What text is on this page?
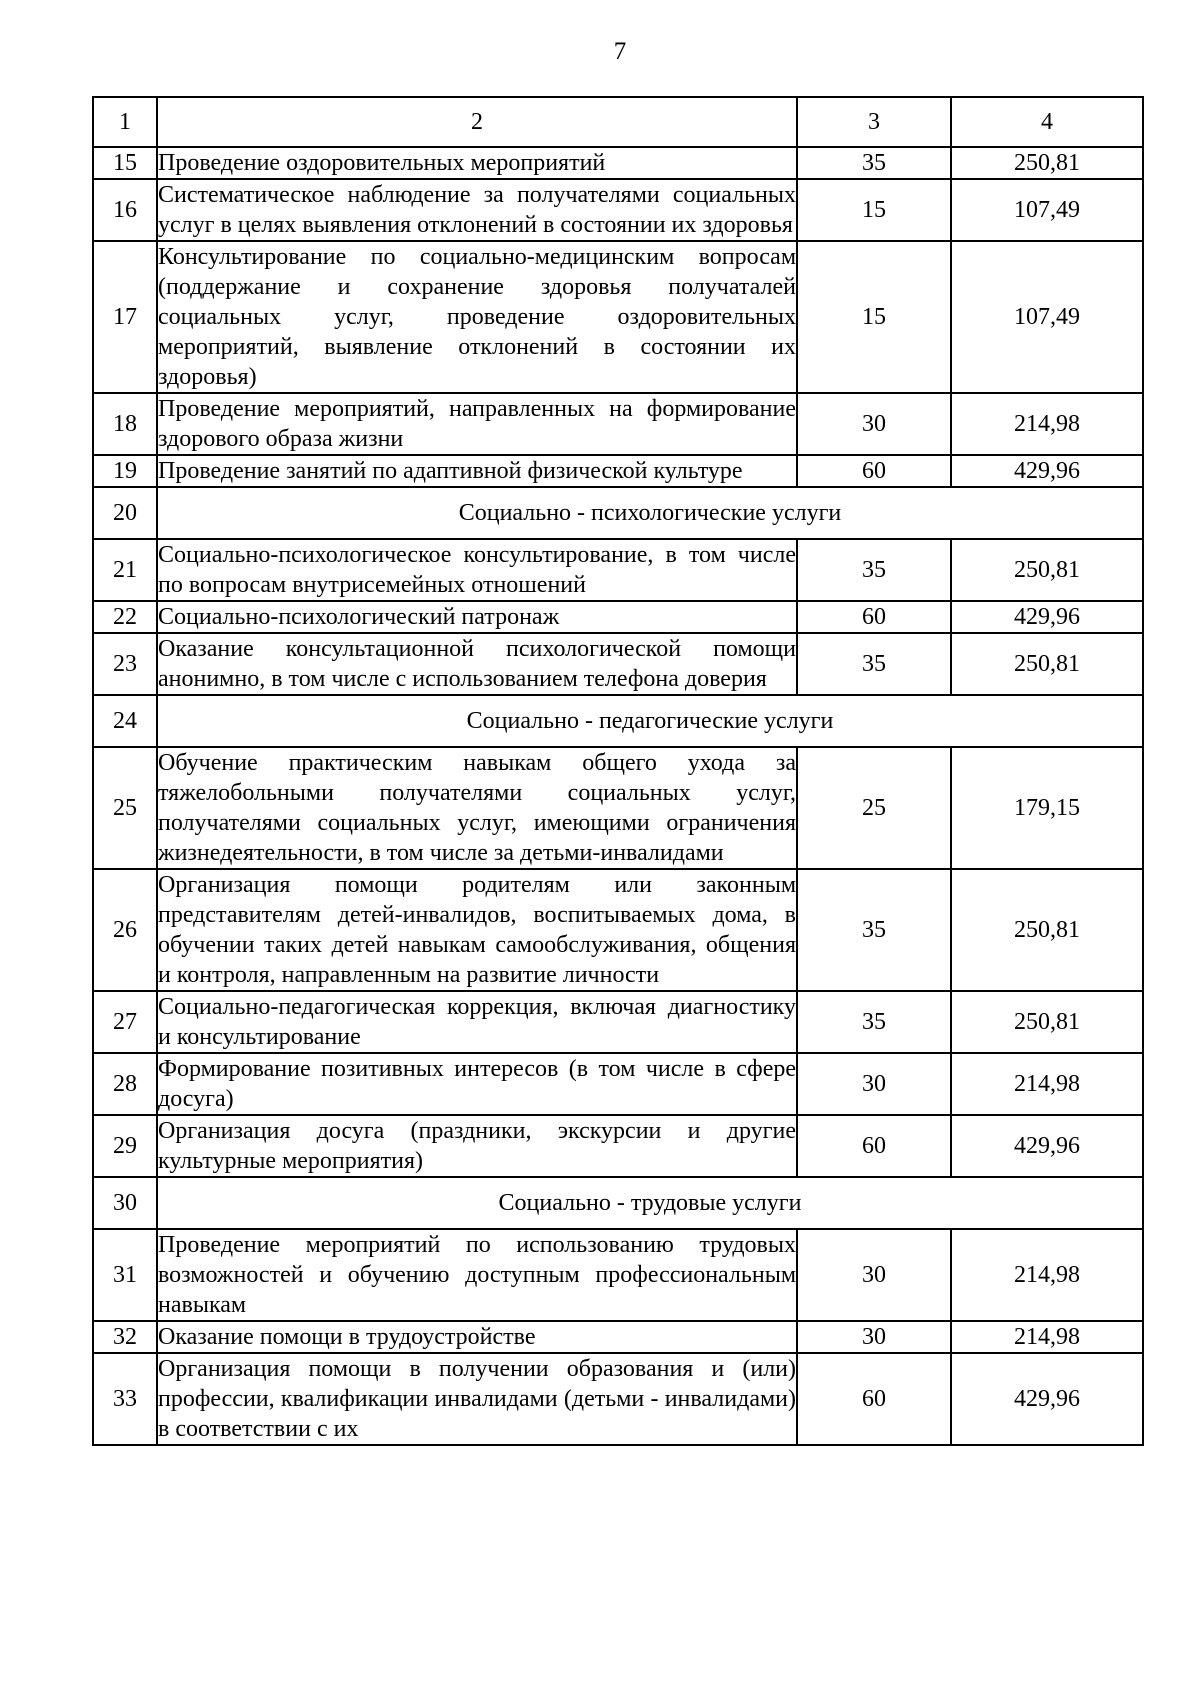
7
1	2	3	4
15	Проведение оздоровительных мероприятий	35	250,81
16	Систематическое наблюдение за получателями социальных услуг в целях выявления отклонений в состоянии их здоровья	15	107,49
17	Консультирование по социально-медицинским вопросам (поддержание и сохранение здоровья получаталей социальных услуг, проведение оздоровительных мероприятий, выявление отклонений в состоянии их здоровья)	15	107,49
18	Проведение мероприятий, направленных на формирование здорового образа жизни	30	214,98
19	Проведение занятий по адаптивной физической культуре	60	429,96
20	Социально - психологические услуги		
21	Социально-психологическое консультирование, в том числе по вопросам внутрисемейных отношений	35	250,81
22	Социально-психологический патронаж	60	429,96
23	Оказание консультационной психологической помощи анонимно, в том числе с использованием телефона доверия	35	250,81
24	Социально - педагогические услуги		
25	Обучение практическим навыкам общего ухода за тяжелобольными получателями социальных услуг, получателями социальных услуг, имеющими ограничения жизнедеятельности, в том числе за детьми-инвалидами	25	179,15
26	Организация помощи родителям или законным представителям детей-инвалидов, воспитываемых дома, в обучении таких детей навыкам самообслуживания, общения и контроля, направленным на развитие личности	35	250,81
27	Социально-педагогическая коррекция, включая диагностику и консультирование	35	250,81
28	Формирование позитивных интересов (в том числе в сфере досуга)	30	214,98
29	Организация досуга (праздники, экскурсии и другие культурные мероприятия)	60	429,96
30	Социально - трудовые услуги		
31	Проведение мероприятий по использованию трудовых возможностей и обучению доступным профессиональным навыкам	30	214,98
32	Оказание помощи в трудоустройстве	30	214,98
33	Организация помощи в получении образования и (или) профессии, квалификации инвалидами (детьми - инвалидами) в соответствии с их	60	429,96
